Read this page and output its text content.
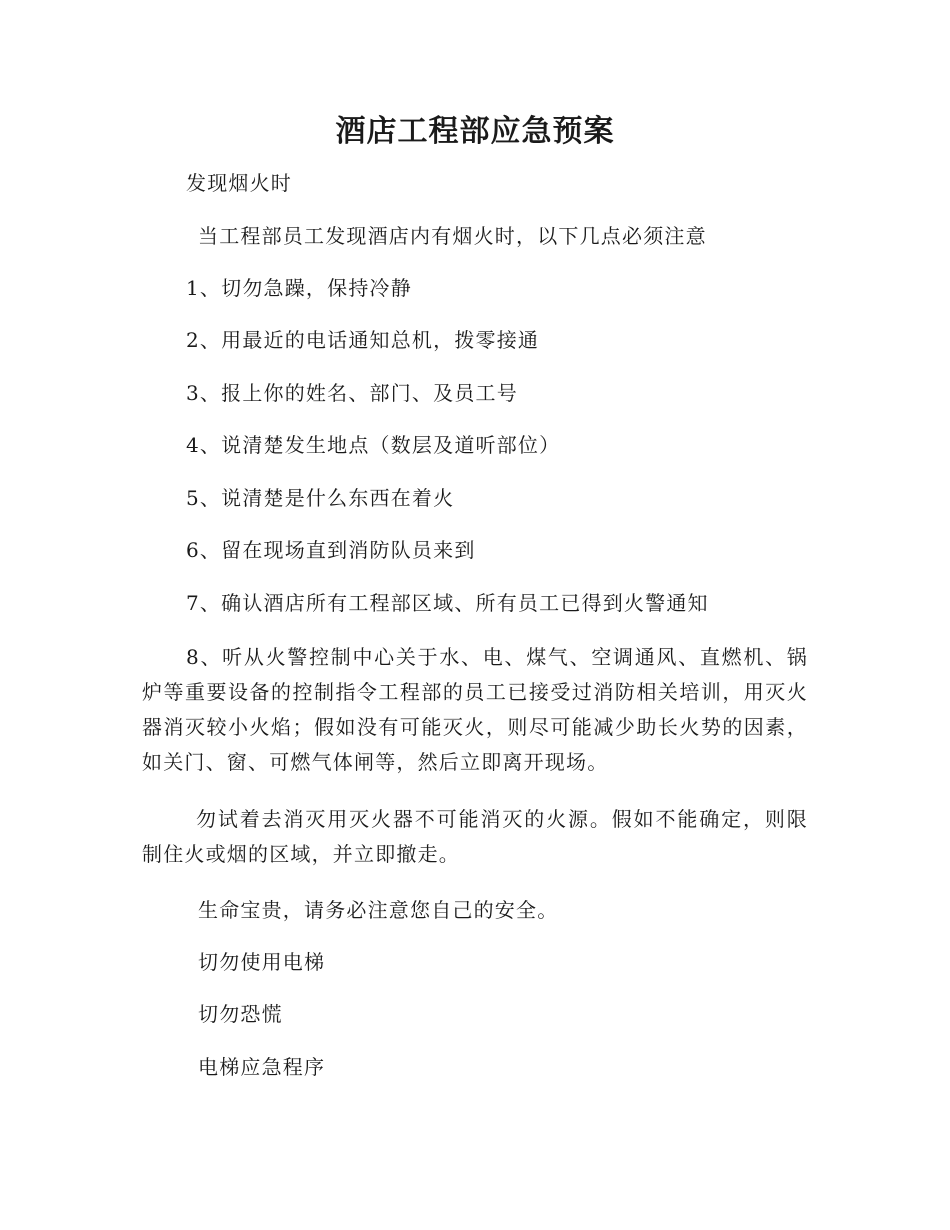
酒店工程部应急预案
发现烟火时
当工程部员工发现酒店内有烟火时，以下几点必须注意
1、切勿急躁，保持冷静
2、用最近的电话通知总机，拨零接通
3、报上你的姓名、部门、及员工号
4、说清楚发生地点（数层及道听部位）
5、说清楚是什么东西在着火
6、留在现场直到消防队员来到
7、确认酒店所有工程部区域、所有员工已得到火警通知
8、听从火警控制中心关于水、电、煤气、空调通风、直燃机、锅炉等重要设备的控制指令工程部的员工已接受过消防相关培训，用灭火器消灭较小火焰；假如没有可能灭火，则尽可能减少助长火势的因素，如关门、窗、可燃气体闸等，然后立即离开现场。
勿试着去消灭用灭火器不可能消灭的火源。假如不能确定，则限制住火或烟的区域，并立即撤走。
生命宝贵，请务必注意您自己的安全。
切勿使用电梯
切勿恐慌
电梯应急程序
